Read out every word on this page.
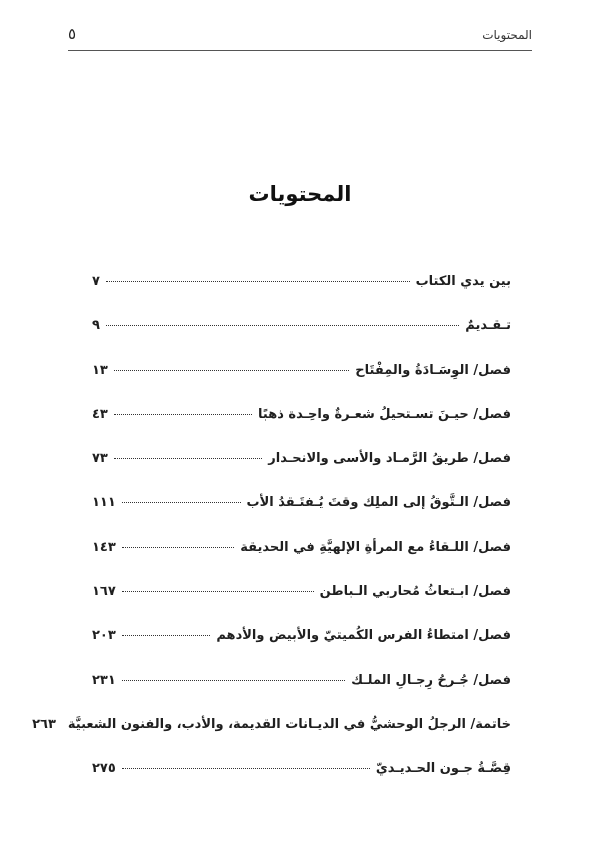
المحتويات
٥
المحتويات
بين يدي الكتاب
٧
تـقـديمٌ
٩
فصل/ الوِسَـادَةُ والمِفْتَاح
١٣
فصل/ حيـنَ تسـتحيلُ شعـرةٌ واحِـدة ذهبًا
٤٣
فصل/ طريقُ الرَّمـاد والأسى والانحـدار
٧٣
فصل/ الـتَّوقُ إلى الملِك وقتَ يُـفتَـقدُ الأب
١١١
فصل/ اللـقاءُ مع المرأةِ الإلهيَّةِ في الحديقة
١٤٣
فصل/ ابـتعاثُ مُحاربي الـباطن
١٦٧
فصل/ امتطاءُ الفرس الكُميتيّ والأبيض والأدهم
٢٠٣
فصل/ جُـرحُ رِجـالِ الملـك
٢٣١
خاتمة/ الرجلُ الوحشيُّ في الديـانات القديمة، والأدب، والفنون الشعبيَّة
٢٦٣
قِصَّـةُ جـون الحـديـديّ
٢٧٥
